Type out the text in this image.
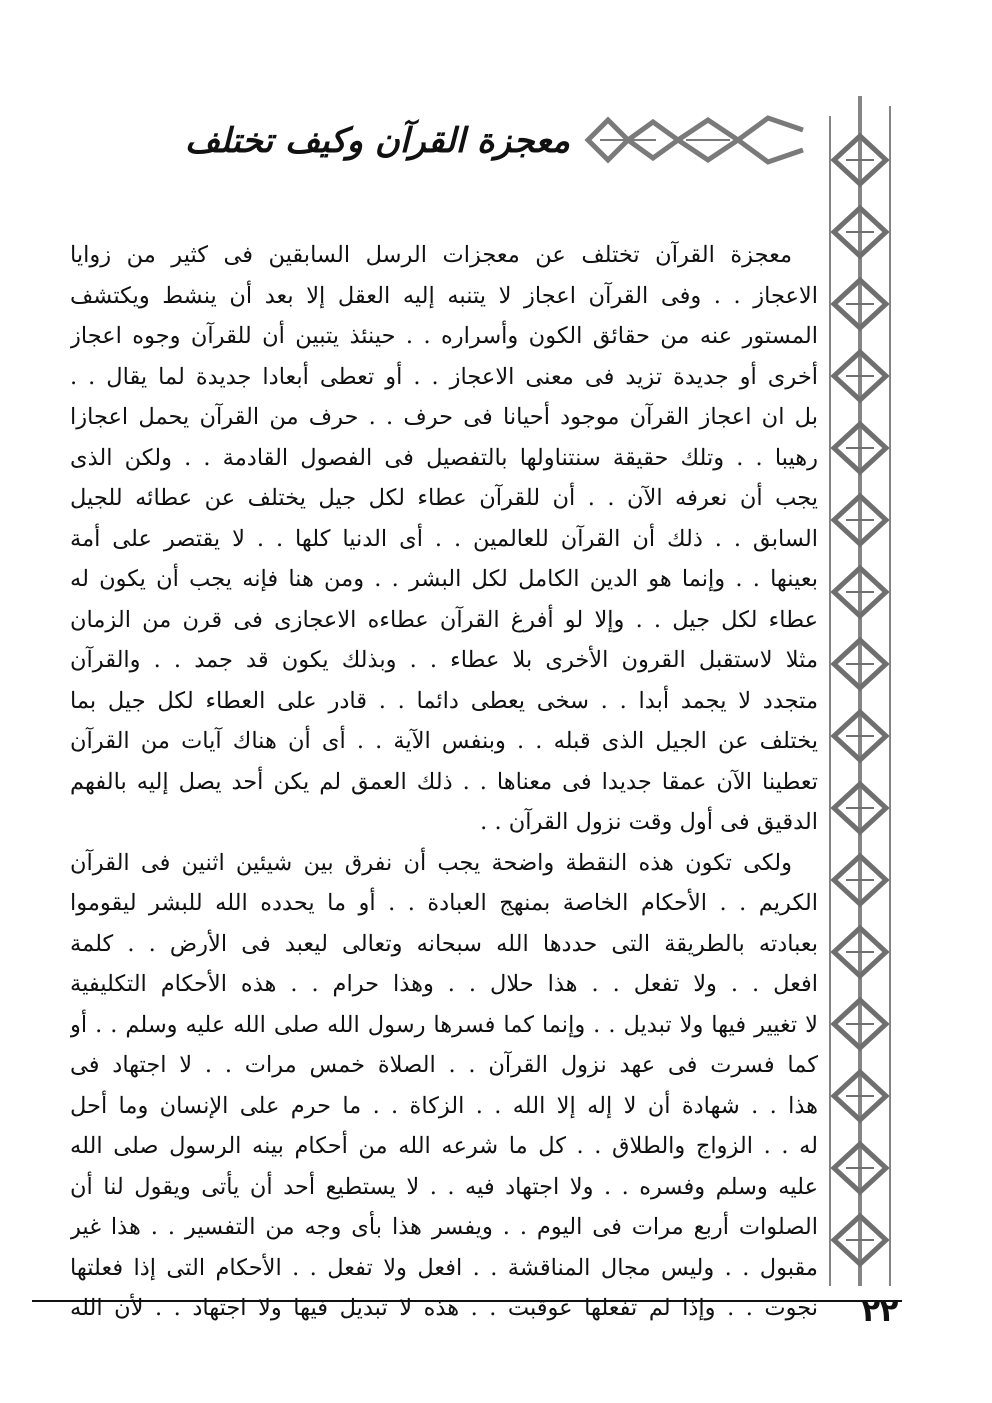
معجزة القرآن وكيف تختلف
معجزة القرآن تختلف عن معجزات الرسل السابقين فى كثير من زوايا
الاعجاز . . وفى القرآن اعجاز لا يتنبه إليه العقل إلا بعد أن ينشط ويكتشف
المستور عنه من حقائق الكون وأسراره . . حينئذ يتبين أن للقرآن وجوه اعجاز
أخرى أو جديدة تزيد فى معنى الاعجاز . . أو تعطى أبعادا جديدة لما يقال . .
بل ان اعجاز القرآن موجود أحيانا فى حرف . . حرف من القرآن يحمل اعجازا
رهيبا . . وتلك حقيقة سنتناولها بالتفصيل فى الفصول القادمة . . ولكن الذى
يجب أن نعرفه الآن . . أن للقرآن عطاء لكل جيل يختلف عن عطائه للجيل
السابق . . ذلك أن القرآن للعالمين . . أى الدنيا كلها . . لا يقتصر على أمة
بعينها . . وإنما هو الدين الكامل لكل البشر . . ومن هنا فإنه يجب أن يكون له
عطاء لكل جيل . . وإلا لو أفرغ القرآن عطاءه الاعجازى فى قرن من الزمان
مثلا لاستقبل القرون الأخرى بلا عطاء . . وبذلك يكون قد جمد . . والقرآن
متجدد لا يجمد أبدا . . سخى يعطى دائما . . قادر على العطاء لكل جيل بما
يختلف عن الجيل الذى قبله . . وبنفس الآية . . أى أن هناك آيات من القرآن
تعطينا الآن عمقا جديدا فى معناها . . ذلك العمق لم يكن أحد يصل إليه بالفهم
الدقيق فى أول وقت نزول القرآن . .
ولكى تكون هذه النقطة واضحة يجب أن نفرق بين شيئين اثنين فى القرآن
الكريم . . الأحكام الخاصة بمنهج العبادة . . أو ما يحدده الله للبشر ليقوموا
بعبادته بالطريقة التى حددها الله سبحانه وتعالى ليعبد فى الأرض . . كلمة
افعل . . ولا تفعل . . هذا حلال . . وهذا حرام . . هذه الأحكام التكليفية
لا تغيير فيها ولا تبديل . . وإنما كما فسرها رسول الله صلى الله عليه وسلم . . أو
كما فسرت فى عهد نزول القرآن . . الصلاة خمس مرات . . لا اجتهاد فى
هذا . . شهادة أن لا إله إلا الله . . الزكاة . . ما حرم على الإنسان وما أحل
له . . الزواج والطلاق . . كل ما شرعه الله من أحكام بينه الرسول صلى الله
عليه وسلم وفسره . . ولا اجتهاد فيه . . لا يستطيع أحد أن يأتى ويقول لنا أن
الصلوات أربع مرات فى اليوم . . ويفسر هذا بأى وجه من التفسير . . هذا غير
مقبول . . وليس مجال المناقشة . . افعل ولا تفعل . . الأحكام التى إذا فعلتها
نجوت . . وإذا لم تفعلها عوقبت . . هذه لا تبديل فيها ولا اجتهاد . . لأن الله	٢٢
